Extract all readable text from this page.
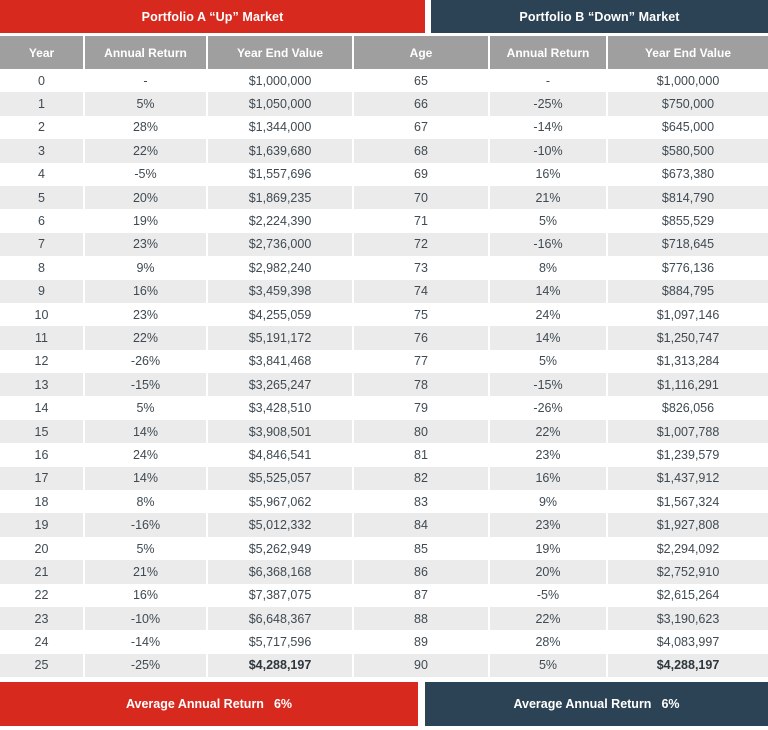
Portfolio A “Up” Market	Portfolio B “Down” Market
Year	Annual Return	Year End Value	Age	Annual Return	Year End Value
0	-	$1,000,000	65	-	$1,000,000
1	5%	$1,050,000	66	-25%	$750,000
2	28%	$1,344,000	67	-14%	$645,000
3	22%	$1,639,680	68	-10%	$580,500
4	-5%	$1,557,696	69	16%	$673,380
5	20%	$1,869,235	70	21%	$814,790
6	19%	$2,224,390	71	5%	$855,529
7	23%	$2,736,000	72	-16%	$718,645
8	9%	$2,982,240	73	8%	$776,136
9	16%	$3,459,398	74	14%	$884,795
10	23%	$4,255,059	75	24%	$1,097,146
11	22%	$5,191,172	76	14%	$1,250,747
12	-26%	$3,841,468	77	5%	$1,313,284
13	-15%	$3,265,247	78	-15%	$1,116,291
14	5%	$3,428,510	79	-26%	$826,056
15	14%	$3,908,501	80	22%	$1,007,788
16	24%	$4,846,541	81	23%	$1,239,579
17	14%	$5,525,057	82	16%	$1,437,912
18	8%	$5,967,062	83	9%	$1,567,324
19	-16%	$5,012,332	84	23%	$1,927,808
20	5%	$5,262,949	85	19%	$2,294,092
21	21%	$6,368,168	86	20%	$2,752,910
22	16%	$7,387,075	87	-5%	$2,615,264
23	-10%	$6,648,367	88	22%	$3,190,623
24	-14%	$5,717,596	89	28%	$4,083,997
25	-25%	$4,288,197	90	5%	$4,288,197
Average Annual Return 6%	Average Annual Return 6%
